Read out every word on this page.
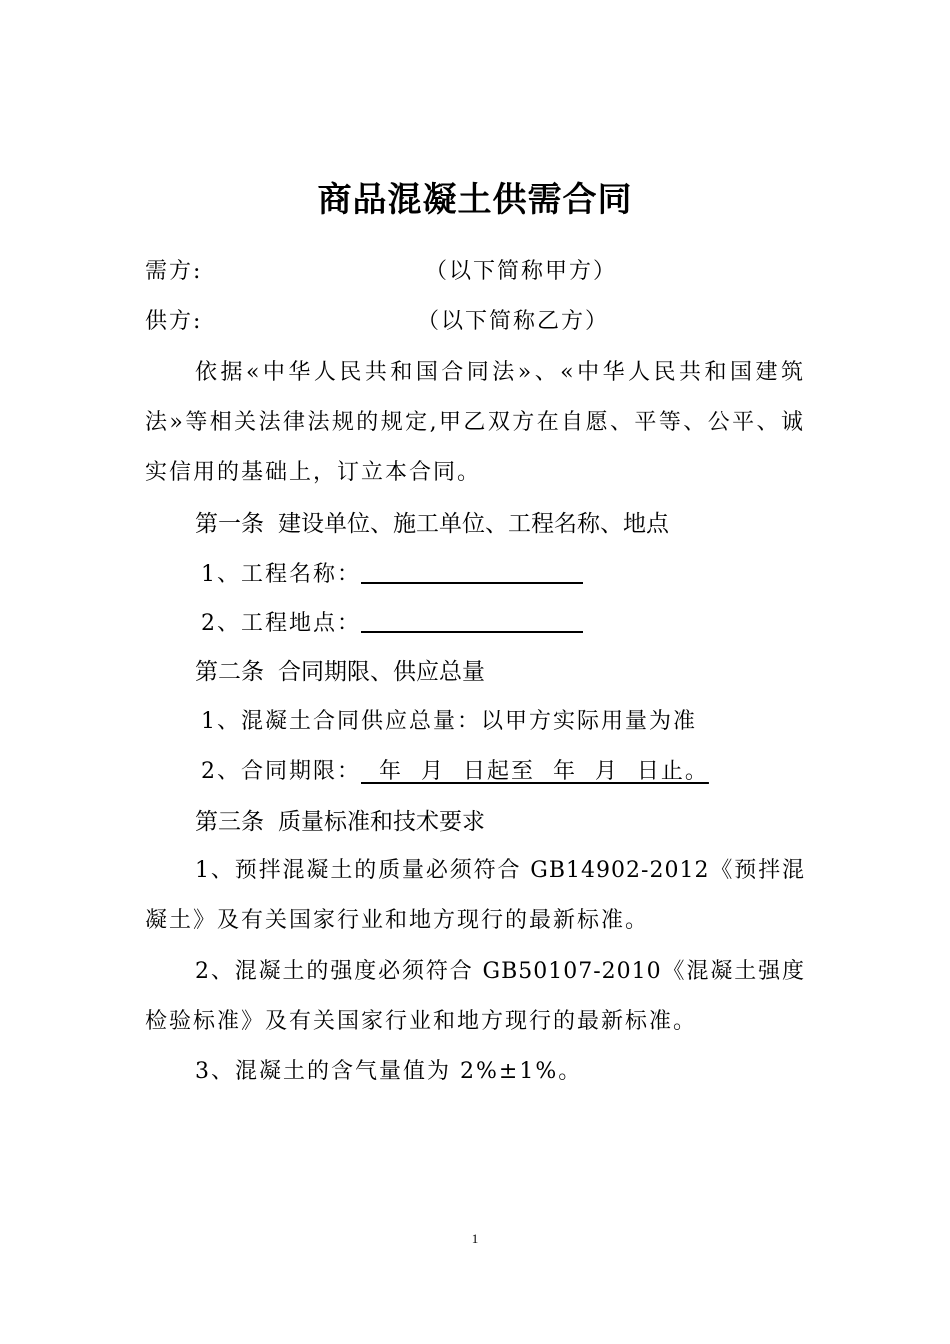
商品混凝土供需合同
需方:	（以下简称甲方）
供方:	（以下简称乙方）
依据«中华人民共和国合同法»、«中华人民共和国建筑
法»等相关法律法规的规定,甲乙双方在自愿、平等、公平、诚
实信用的基础上，订立本合同。
第一条 建设单位、施工单位、工程名称、地点
1、工程名称：
2、工程地点：
第二条 合同期限、供应总量
1、混凝土合同供应总量：以甲方实际用量为准
2、合同期限：  年  月  日起至  年  月  日止。
第三条 质量标准和技术要求
1、预拌混凝土的质量必须符合 GB14902-2012《预拌混
凝土》及有关国家行业和地方现行的最新标准。
2、混凝土的强度必须符合 GB50107-2010《混凝土强度
检验标准》及有关国家行业和地方现行的最新标准。
3、混凝土的含气量值为 2%±1%。
1
